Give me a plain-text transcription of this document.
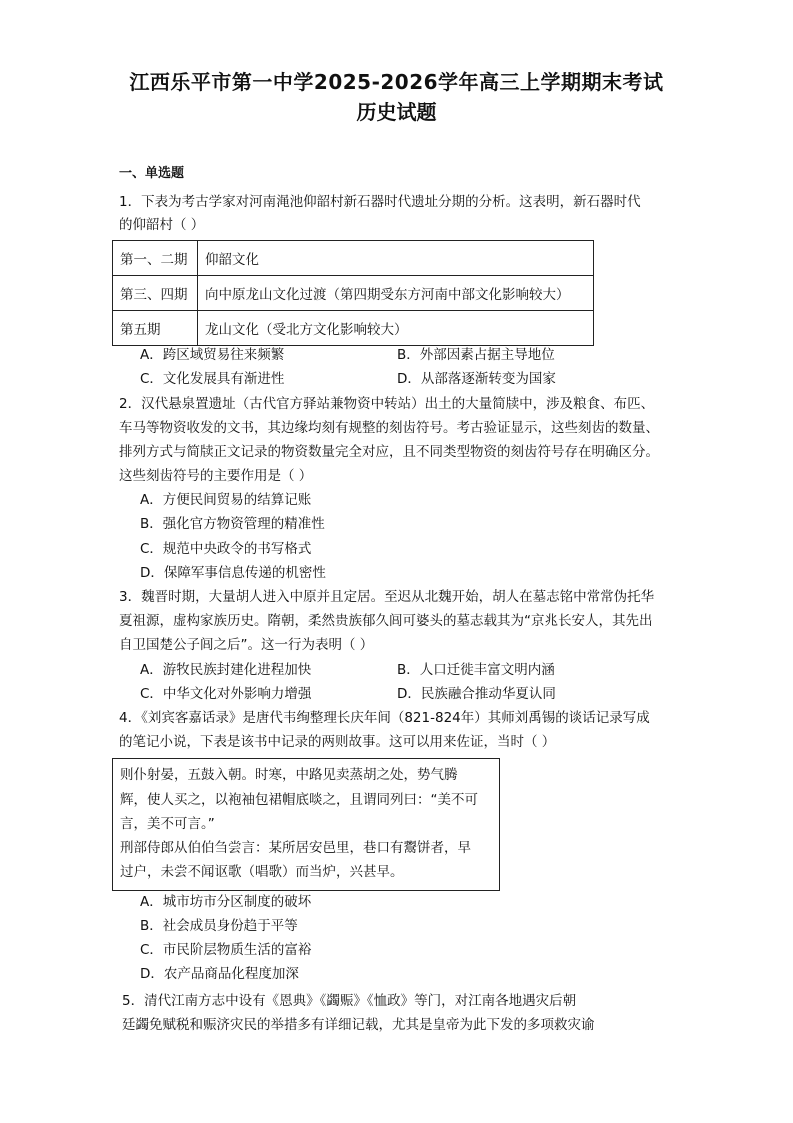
江西乐平市第一中学2025-2026学年高三上学期期末考试
历史试题
一、单选题
1．下表为考古学家对河南渑池仰韶村新石器时代遗址分期的分析。这表明，新石器时代
的仰韶村（ ）
第一、二期	仰韶文化
第三、四期	向中原龙山文化过渡（第四期受东方河南中部文化影响较大）
第五期	龙山文化（受北方文化影响较大）
A．跨区域贸易往来频繁	B．外部因素占据主导地位
C．文化发展具有渐进性	D．从部落逐渐转变为国家
2．汉代悬泉置遗址（古代官方驿站兼物资中转站）出土的大量简牍中，涉及粮食、布匹、
车马等物资收发的文书，其边缘均刻有规整的刻齿符号。考古验证显示，这些刻齿的数量、
排列方式与简牍正文记录的物资数量完全对应，且不同类型物资的刻齿符号存在明确区分。
这些刻齿符号的主要作用是（ ）
A．方便民间贸易的结算记账
B．强化官方物资管理的精准性
C．规范中央政令的书写格式
D．保障军事信息传递的机密性
3．魏晋时期，大量胡人进入中原并且定居。至迟从北魏开始，胡人在墓志铭中常常伪托华
夏祖源，虚构家族历史。隋朝，柔然贵族郁久闾可婆头的墓志载其为“京兆长安人，其先出
自卫国楚公子闾之后”。这一行为表明（ ）
A．游牧民族封建化进程加快	B．人口迁徙丰富文明内涵
C．中华文化对外影响力增强	D．民族融合推动华夏认同
4．《刘宾客嘉话录》是唐代韦绚整理长庆年间（821-824年）其师刘禹锡的谈话记录写成
的笔记小说，下表是该书中记录的两则故事。这可以用来佐证，当时（ ）
则仆射晏，五鼓入朝。时寒，中路见卖蒸胡之处，势气腾
辉，使人买之，以袍袖包裙帽底啖之，且谓同列曰：“美不可
言，美不可言。”
刑部侍郎从伯伯刍尝言：某所居安邑里，巷口有鬻饼者，早
过户，未尝不闻讴歌（唱歌）而当炉，兴甚早。
A．城市坊市分区制度的破坏
B．社会成员身份趋于平等
C．市民阶层物质生活的富裕
D．农产品商品化程度加深
5．清代江南方志中设有《恩典》《蠲赈》《恤政》等门，对江南各地遇灾后朝
廷蠲免赋税和赈济灾民的举措多有详细记载，尤其是皇帝为此下发的多项救灾谕
